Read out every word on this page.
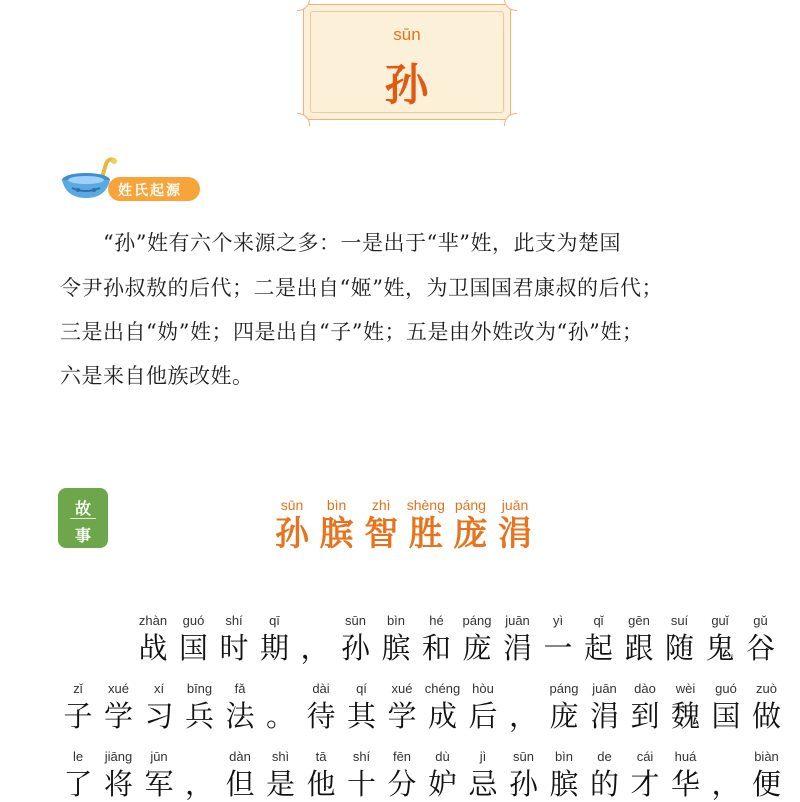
sūn
孙
姓氏起源
　　“孙”姓有六个来源之多：一是出于“芈”姓，此支为楚国
令尹孙叔敖的后代；二是出自“姬”姓，为卫国国君康叔的后代；
三是出自“妫”姓；四是出自“子”姓；五是由外姓改为“孙”姓；
六是来自他族改姓。
故
事
sūn
孙
bìn
膑
zhì
智
shèng
胜
páng
庞
juān
涓
zhàn
战
guó
国
shí
时
qī
期 ，
sūn
孙
bìn
膑
hé
和
páng
庞
juān
涓
yì
一
qǐ
起
gēn
跟
suí
随
guǐ
鬼
gǔ
谷
zǐ
子
xué
学
xí
习
bīng
兵
fǎ
法 。
dài
待
qí
其
xué
学
chéng
成
hòu
后 ，
páng
庞
juān
涓
dào
到
wèi
魏
guó
国
zuò
做
le
了
jiāng
将
jūn
军 ，
dàn
但
shì
是
tā
他
shí
十
fēn
分
dù
妒
jì
忌
sūn
孙
bìn
膑
de
的
cái
才
huá
华 ，
biàn
便
